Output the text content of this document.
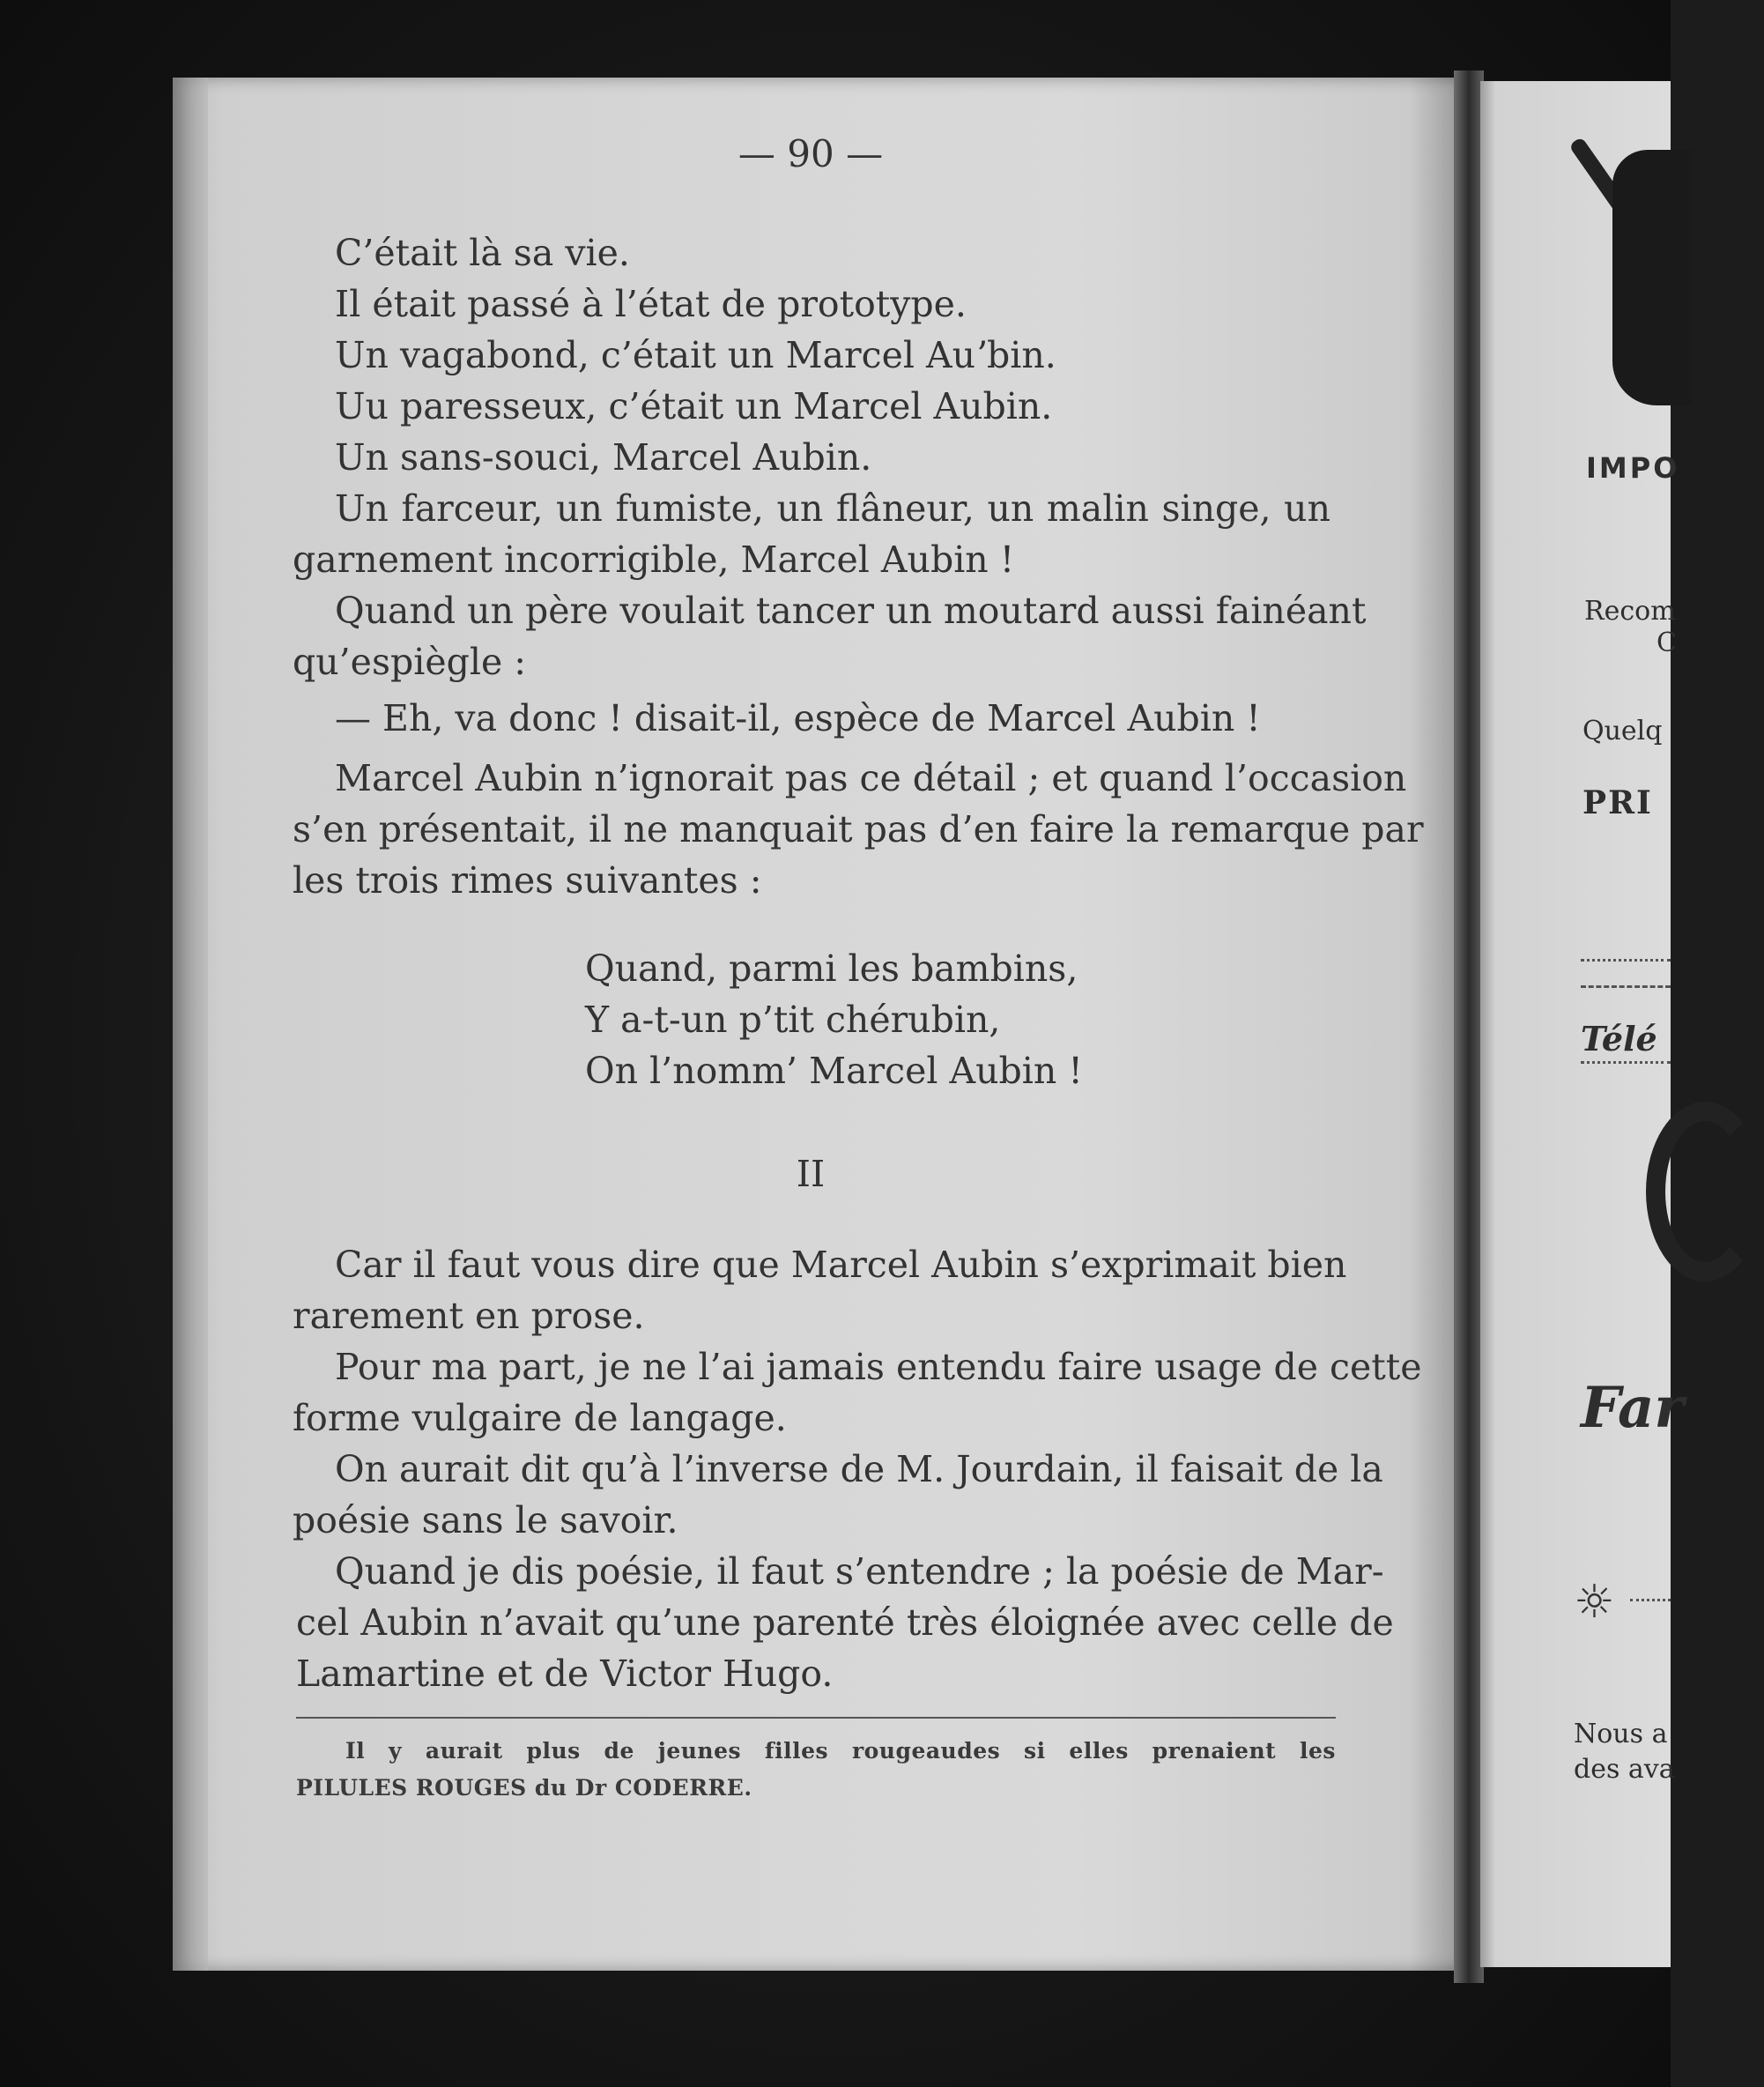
— 90 —
C’était là sa vie.
Il était passé à l’état de prototype.
Un vagabond, c’était un Marcel Auʼbin.
Uu paresseux, c’était un Marcel Aubin.
Un sans-souci, Marcel Aubin.
Un farceur, un fumiste, un flâneur, un malin singe, un
garnement incorrigible, Marcel Aubin !
Quand un père voulait tancer un moutard aussi fainéant
qu’espiègle :
— Eh, va donc ! disait-il, espèce de Marcel Aubin !
Marcel Aubin n’ignorait pas ce détail ; et quand l’occasion
s’en présentait, il ne manquait pas d’en faire la remarque par
les trois rimes suivantes :
Quand, parmi les bambins,
Y a-t-un p’tit chérubin,
On l’nomm’ Marcel Aubin !
II
Car il faut vous dire que Marcel Aubin s’exprimait bien
rarement en prose.
Pour ma part, je ne l’ai jamais entendu faire usage de cette
forme vulgaire de langage.
On aurait dit qu’à l’inverse de M. Jourdain, il faisait de la
poésie sans le savoir.
Quand je dis poésie, il faut s’entendre ; la poésie de Mar-
cel Aubin n’avait qu’une parenté très éloignée avec celle de
Lamartine et de Victor Hugo.
Il y aurait plus de jeunes filles rougeaudes si elles prenaient les
PILULES ROUGES du Dr CODERRE.
IMPO
Recom
C
Quelq
PRI
Télé
Far
☼
Nous a
des ava
